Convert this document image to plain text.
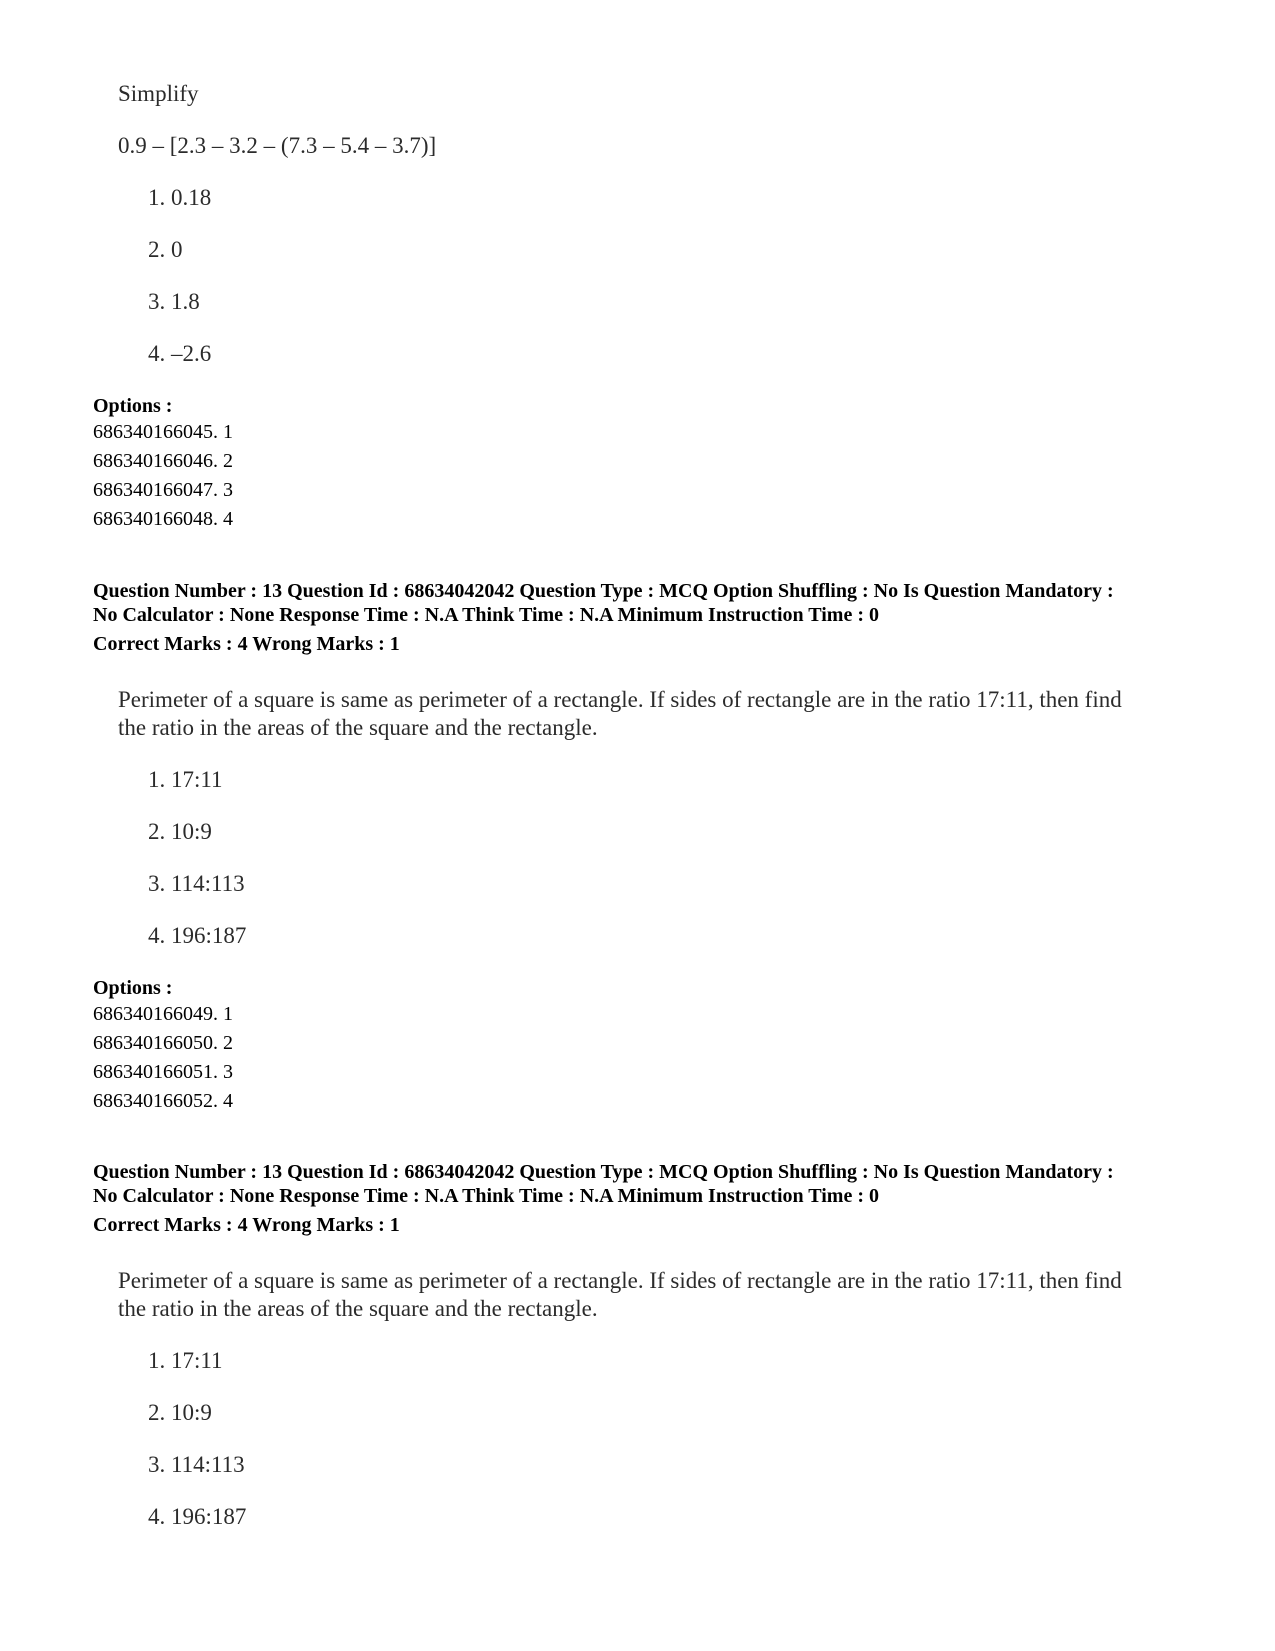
Simplify
0.9 – [2.3 – 3.2 – (7.3 – 5.4 – 3.7)]
1. 0.18
2. 0
3. 1.8
4. –2.6
Options :
686340166045. 1
686340166046. 2
686340166047. 3
686340166048. 4
Question Number : 13 Question Id : 68634042042 Question Type : MCQ Option Shuffling : No Is Question Mandatory :
No Calculator : None Response Time : N.A Think Time : N.A Minimum Instruction Time : 0
Correct Marks : 4 Wrong Marks : 1
Perimeter of a square is same as perimeter of a rectangle. If sides of rectangle are in the ratio 17:11, then find
the ratio in the areas of the square and the rectangle.
1. 17:11
2. 10:9
3. 114:113
4. 196:187
Options :
686340166049. 1
686340166050. 2
686340166051. 3
686340166052. 4
Question Number : 13 Question Id : 68634042042 Question Type : MCQ Option Shuffling : No Is Question Mandatory :
No Calculator : None Response Time : N.A Think Time : N.A Minimum Instruction Time : 0
Correct Marks : 4 Wrong Marks : 1
Perimeter of a square is same as perimeter of a rectangle. If sides of rectangle are in the ratio 17:11, then find
the ratio in the areas of the square and the rectangle.
1. 17:11
2. 10:9
3. 114:113
4. 196:187
